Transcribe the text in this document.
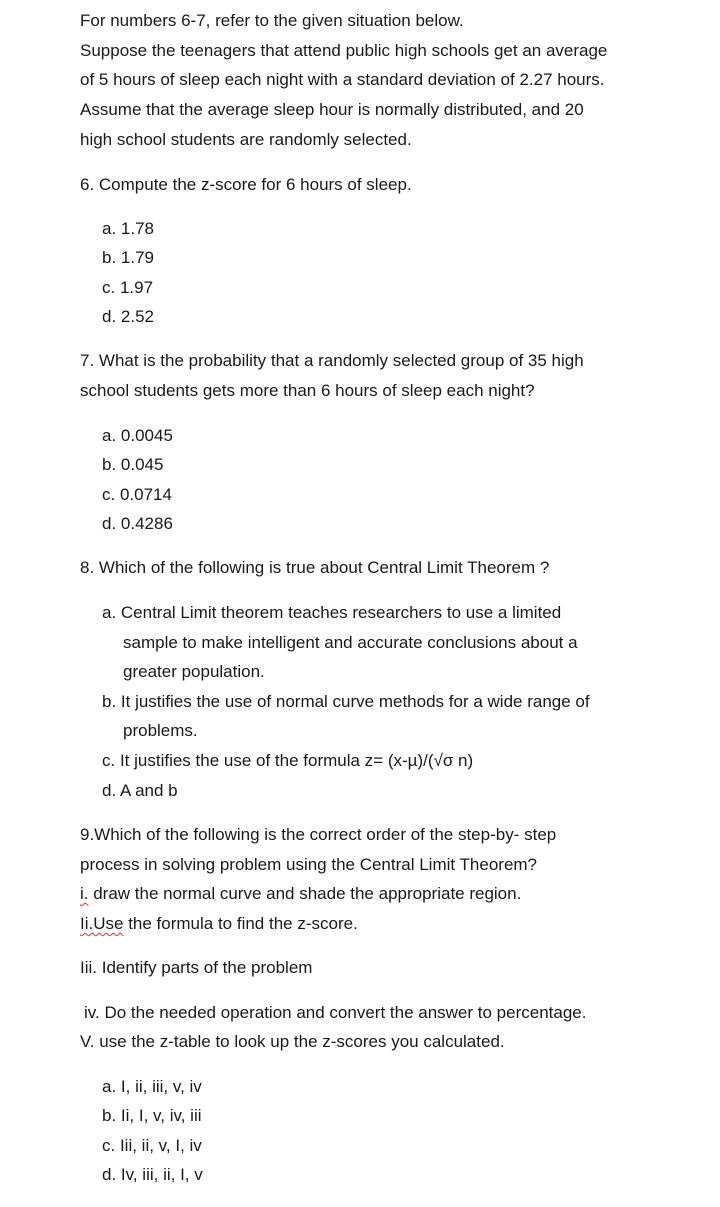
For numbers 6-7, refer to the given situation below.
Suppose the teenagers that attend public high schools get an average
of 5 hours of sleep each night with a standard deviation of 2.27 hours.
Assume that the average sleep hour is normally distributed, and 20
high school students are randomly selected.
6. Compute the z-score for 6 hours of sleep.
a. 1.78
b. 1.79
c. 1.97
d. 2.52
7. What is the probability that a randomly selected group of 35 high
school students gets more than 6 hours of sleep each night?
a. 0.0045
b. 0.045
c. 0.0714
d. 0.4286
8. Which of the following is true about Central Limit Theorem ?
a. Central Limit theorem teaches researchers to use a limited
sample to make intelligent and accurate conclusions about a
greater population.
b. It justifies the use of normal curve methods for a wide range of
problems.
c. It justifies the use of the formula z= (x-µ)/(√σ n)
d. A and b
9.Which of the following is the correct order of the step-by- step
process in solving problem using the Central Limit Theorem?
i. draw the normal curve and shade the appropriate region.
Ii.Use the formula to find the z-score.
Iii. Identify parts of the problem
iv. Do the needed operation and convert the answer to percentage.
V. use the z-table to look up the z-scores you calculated.
a. I, ii, iii, v, iv
b. Ii, I, v, iv, iii
c. Iii, ii, v, I, iv
d. Iv, iii, ii, I, v
